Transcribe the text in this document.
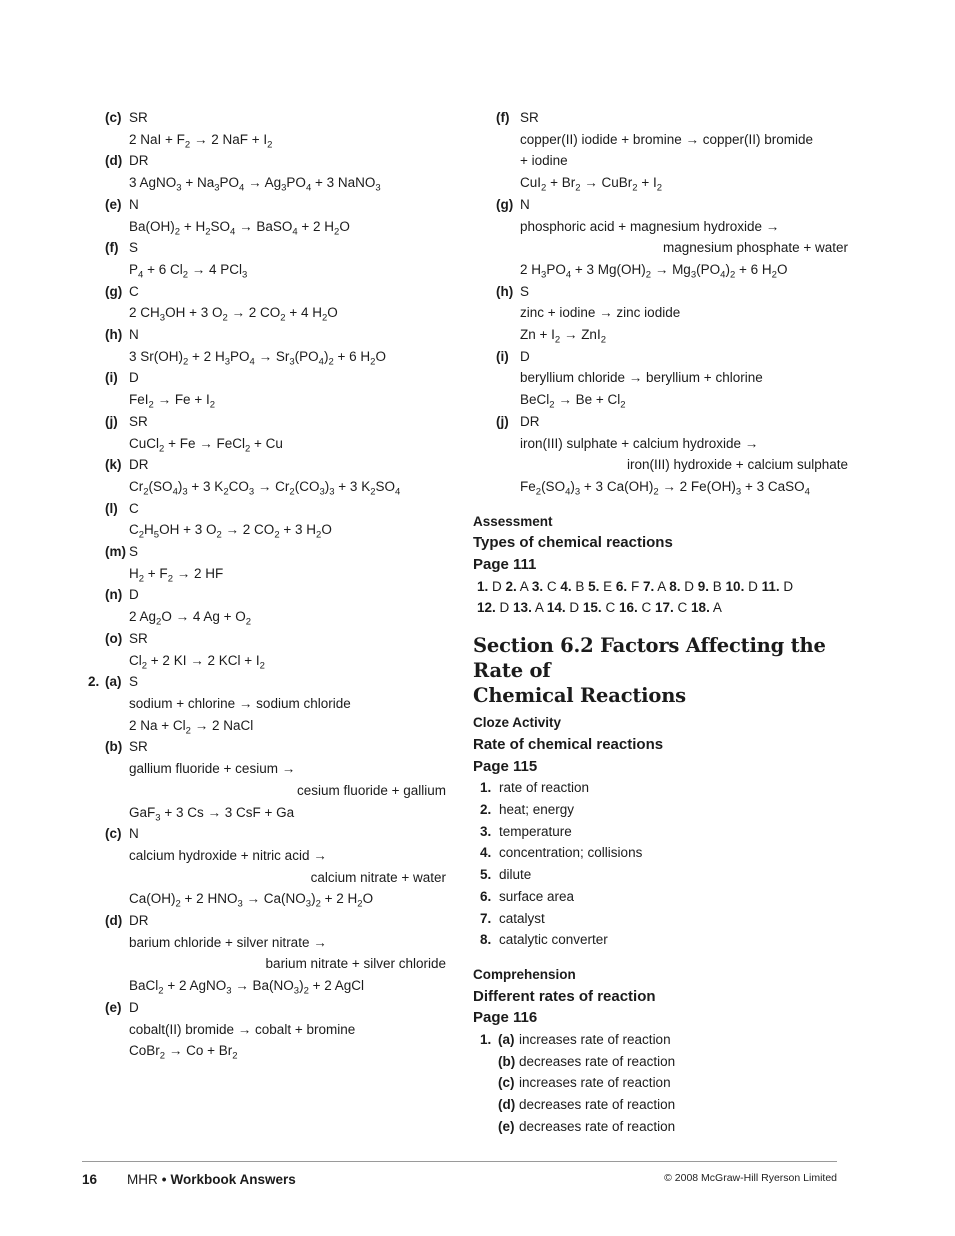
(c) SR
2 NaI + $F_2 \to 2$ NaF + $I_2$
(d) DR
3 AgNO$_3$ + $Na_3PO_4 \to Ag_3PO_4 + 3$ NaNO$_3$
(e) N
$Ba(OH)_2 + H_2SO_4$ → BaSO$_4$ + 2 $H_2O$
(f) S
$P_4 + 6$ $Cl_2 \to 4$ PCl$_3$
(g) C
2 $CH_3OH + 3$ $O_2 \to 2$ $CO_2 + 4$ $H_2O$
(h) N
3 $Sr(OH)_2 + 2$ $H_3PO_4 \to Sr_3(PO_4)_2 + 6$ $H_2O$
(i) D
$FeI_2 \to Fe + I_2$
(j) SR
CuCl$_2$ + Fe → FeCl$_2$ + Cu
(k) DR
$Cr_2(SO_4)_3 + 3$ $K_2CO_3 \to Cr_2(CO_3)_3 + 3$ $K_2SO_4$
(l) C
$C_2H_5OH + 3$ $O_2 \to 2$ $CO_2 + 3$ $H_2O$
(m) S
$H_2 + F_2 \to 2$ HF
(n) D
2 $Ag_2O \to 4$ $Ag + O_2$
(o) SR
$Cl_2 + 2$ KI → 2 KCl + $I_2$
2. (a) S
sodium + chlorine → sodium chloride
2 $Na + Cl_2 \to 2$ NaCl
(b) SR
gallium fluoride + cesium →
cesium fluoride + gallium
GaF$_3$ + 3 Cs → 3 CsF + Ga
(c) N
calcium hydroxide + nitric acid →
calcium nitrate + water
$Ca(OH)_2 + 2$ $HNO_3 \to Ca(NO_3)_2 + 2$ $H_2O$
(d) DR
barium chloride + silver nitrate →
barium nitrate + silver chloride
BaCl$_2$ + 2 AgNO$_3$ → $Ba(NO_3)_2 + 2$ AgCl
(e) D
cobalt(II) bromide → cobalt + bromine
CoBr$_2$ → $Co + Br_2$
(f) SR
copper(II) iodide + bromine → copper(II) bromide
+ iodine
$CuI_2 + Br_2$ → CuBr$_2$ + $I_2$
(g) N
phosphoric acid + magnesium hydroxide →
magnesium phosphate + water
2 $H_3PO_4 + 3$ $Mg(OH)_2 \to Mg_3(PO_4)_2 + 6$ $H_2O$
(h) S
zinc + iodine → zinc iodide
$Zn + I_2 \to ZnI_2$
(i) D
beryllium chloride → beryllium + chlorine
BeCl$_2$ → $Be + Cl_2$
(j) DR
iron(III) sulphate + calcium hydroxide →
iron(III) hydroxide + calcium sulphate
$Fe_2(SO_4)_3 + 3$ $Ca(OH)_2 \to 2$ $Fe(OH)_3 + 3$ CaSO$_4$
Assessment
Types of chemical reactions
Page 111
1. D 2. A 3. C 4. B 5. E 6. F 7. A 8. D 9. B 10. D 11. D
12. D 13. A 14. D 15. C 16. C 17. C 18. A
Section 6.2 Factors Affecting the Rate of
Chemical Reactions
Cloze Activity
Rate of chemical reactions
Page 115
1. rate of reaction
2. heat; energy
3. temperature
4. concentration; collisions
5. dilute
6. surface area
7. catalyst
8. catalytic converter
Comprehension
Different rates of reaction
Page 116
1. (a) increases rate of reaction
(b) decreases rate of reaction
(c) increases rate of reaction
(d) decreases rate of reaction
(e) decreases rate of reaction
16 MHR • Workbook Answers	© 2008 McGraw-Hill Ryerson Limited
